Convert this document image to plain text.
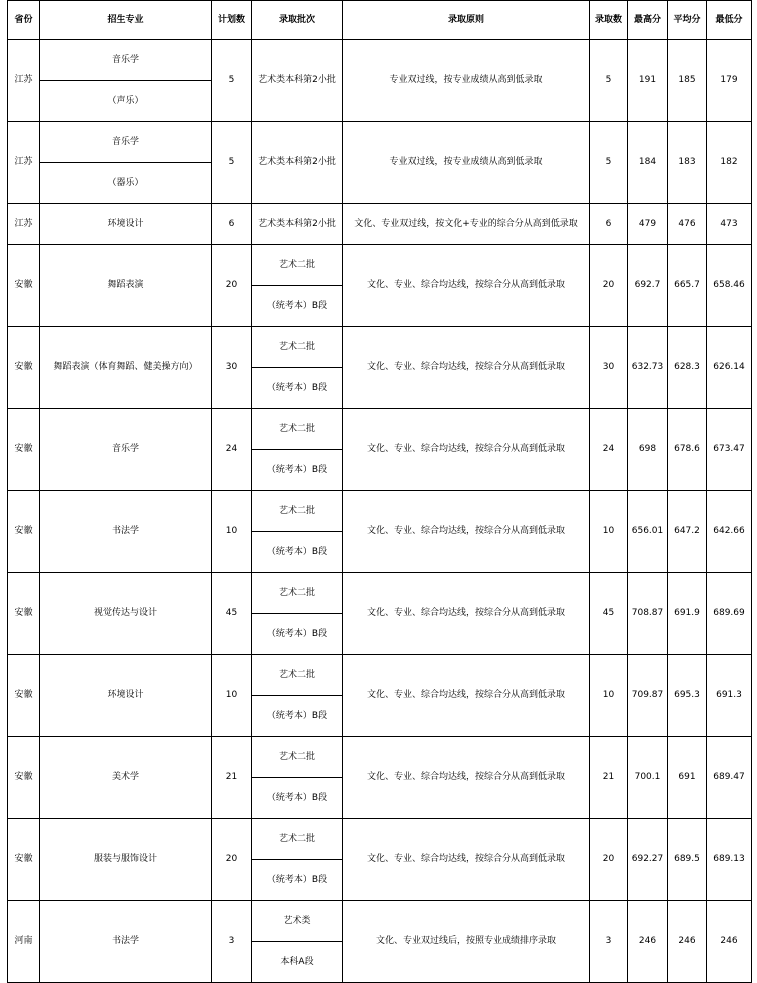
省份	招生专业	计划数	录取批次	录取原则	录取数	最高分	平均分	最低分
江苏	音乐学	5	艺术类本科第2小批	专业双过线，按专业成绩从高到低录取	5	191	185	179
	（声乐）							
江苏	音乐学	5	艺术类本科第2小批	专业双过线，按专业成绩从高到低录取	5	184	183	182
	（器乐）							
江苏	环境设计	6	艺术类本科第2小批	文化、专业双过线，按文化+专业的综合分从高到低录取	6	479	476	473
安徽	舞蹈表演	20	艺术二批	文化、专业、综合均达线，按综合分从高到低录取	20	692.7	665.7	658.46
			（统考本）B段					
安徽	舞蹈表演（体育舞蹈、健美操方向）	30	艺术二批	文化、专业、综合均达线，按综合分从高到低录取	30	632.73	628.3	626.14
			（统考本）B段					
安徽	音乐学	24	艺术二批	文化、专业、综合均达线，按综合分从高到低录取	24	698	678.6	673.47
			（统考本）B段					
安徽	书法学	10	艺术二批	文化、专业、综合均达线，按综合分从高到低录取	10	656.01	647.2	642.66
			（统考本）B段					
安徽	视觉传达与设计	45	艺术二批	文化、专业、综合均达线，按综合分从高到低录取	45	708.87	691.9	689.69
			（统考本）B段					
安徽	环境设计	10	艺术二批	文化、专业、综合均达线，按综合分从高到低录取	10	709.87	695.3	691.3
			（统考本）B段					
安徽	美术学	21	艺术二批	文化、专业、综合均达线，按综合分从高到低录取	21	700.1	691	689.47
			（统考本）B段					
安徽	服装与服饰设计	20	艺术二批	文化、专业、综合均达线，按综合分从高到低录取	20	692.27	689.5	689.13
			（统考本）B段					
河南	书法学	3	艺术类	文化、专业双过线后，按照专业成绩排序录取	3	246	246	246
			本科A段					
